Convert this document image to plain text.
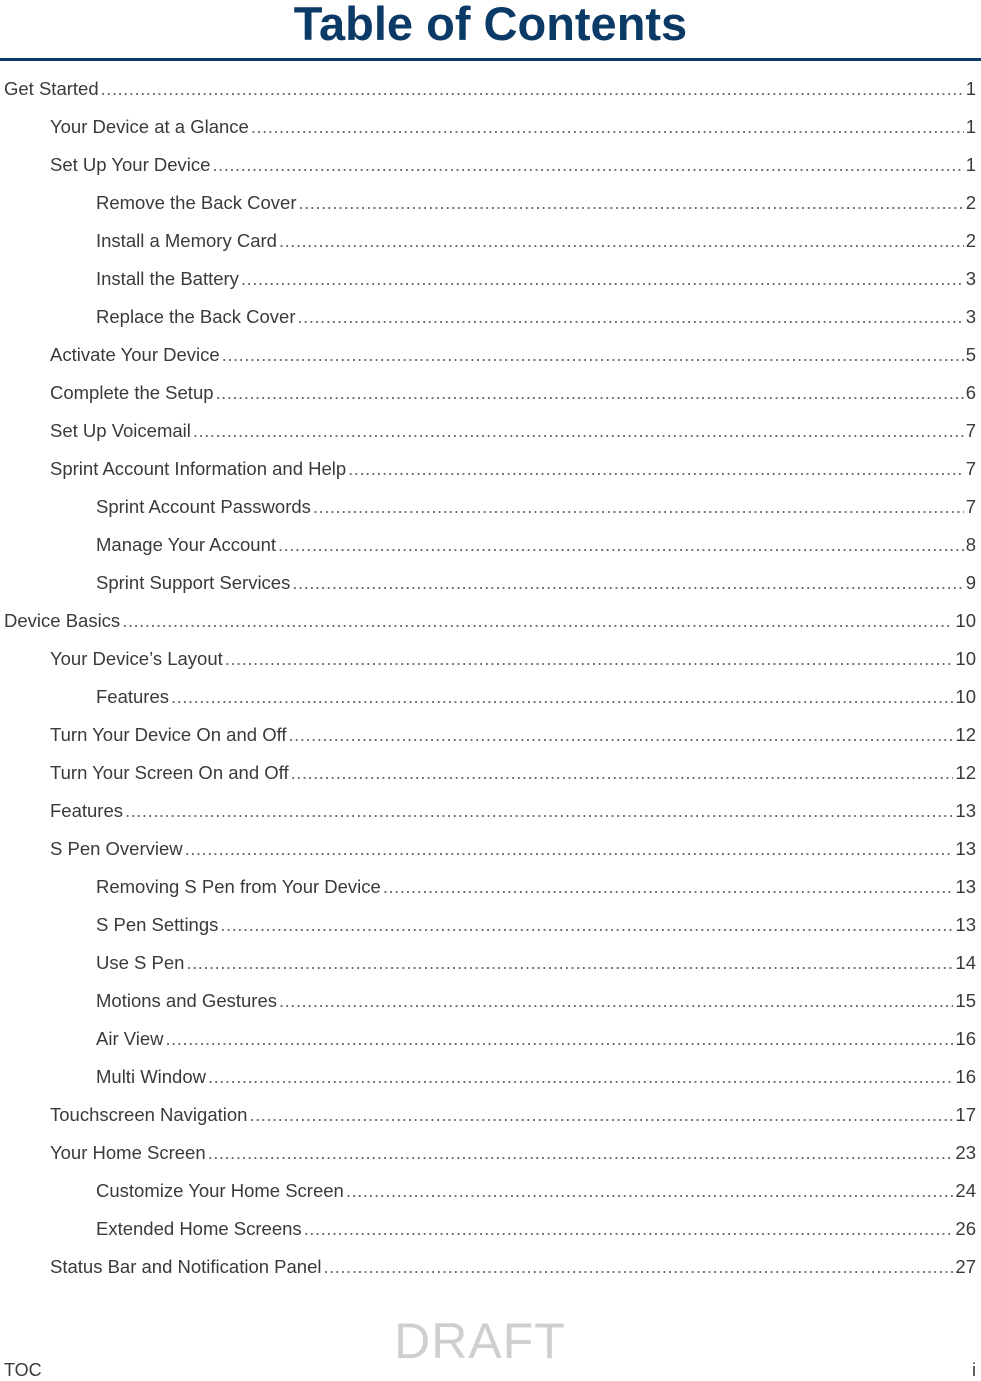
Table of Contents
Get Started .....	1
Your Device at a Glance .....	1
Set Up Your Device .....	1
Remove the Back Cover .....	2
Install a Memory Card .....	2
Install the Battery .....	3
Replace the Back Cover .....	3
Activate Your Device .....	5
Complete the Setup .....	6
Set Up Voicemail .....	7
Sprint Account Information and Help .....	7
Sprint Account Passwords .....	7
Manage Your Account .....	8
Sprint Support Services .....	9
Device Basics .....	10
Your Device’s Layout .....	10
Features .....	10
Turn Your Device On and Off .....	12
Turn Your Screen On and Off .....	12
Features .....	13
S Pen Overview .....	13
Removing S Pen from Your Device .....	13
S Pen Settings .....	13
Use S Pen .....	14
Motions and Gestures .....	15
Air View .....	16
Multi Window .....	16
Touchscreen Navigation .....	17
Your Home Screen .....	23
Customize Your Home Screen .....	24
Extended Home Screens .....	26
Status Bar and Notification Panel .....	27
DRAFT
TOC	i
